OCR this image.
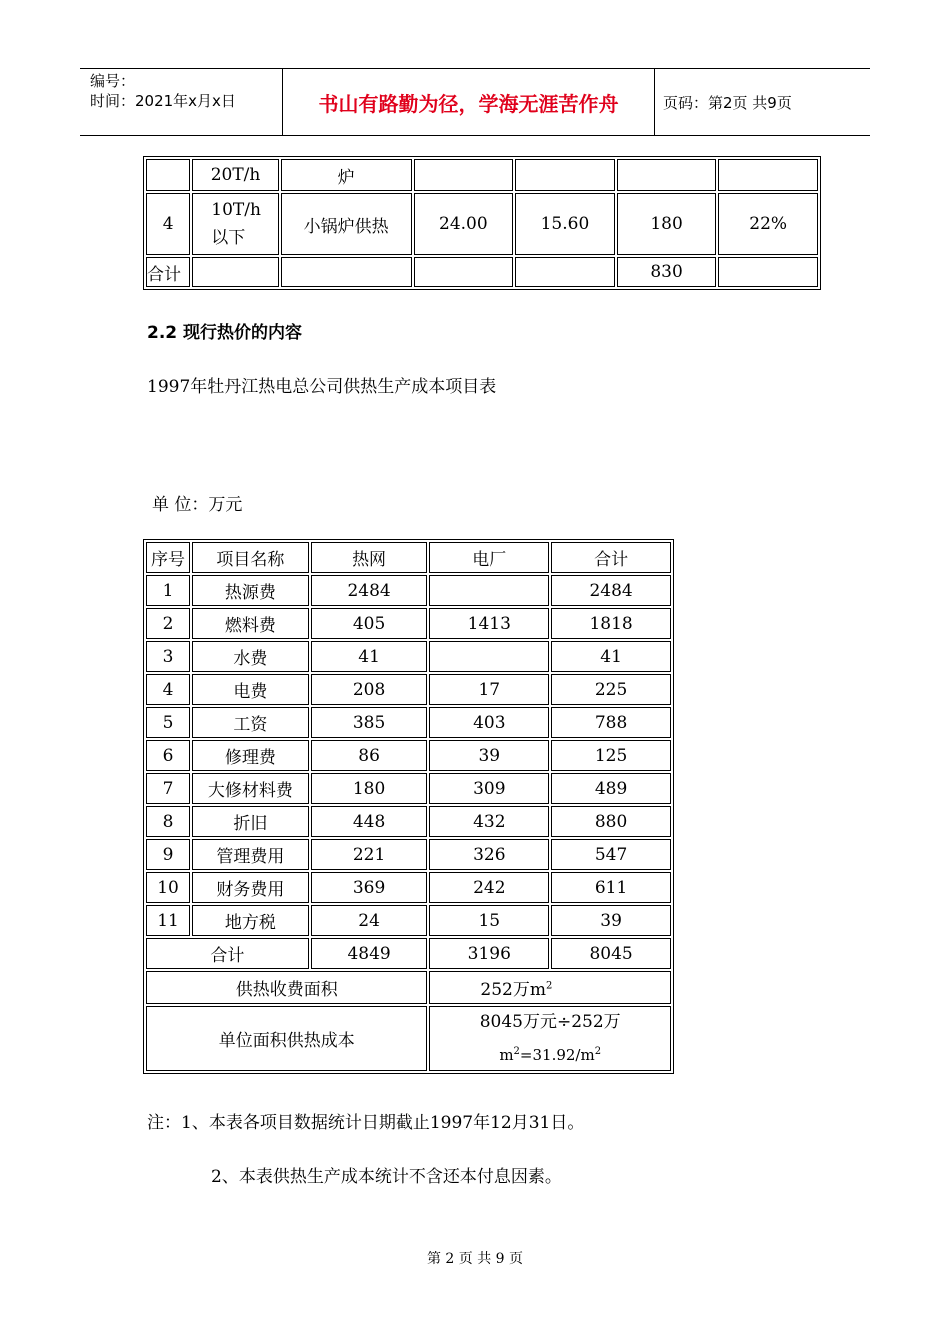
编号：
时间：2021年x月x日	书山有路勤为径，学海无涯苦作舟	页码：第2页 共9页
	20T/h	炉				
4	10T/h 以下	小锅炉供热	24.00	15.60	180	22%
合计					830	
2.2 现行热价的内容
1997年牡丹江热电总公司供热生产成本项目表
单 位：万元
序号	项目名称	热网	电厂	合计
1	热源费	2484		2484
2	燃料费	405	1413	1818
3	水费	41		41
4	电费	208	17	225
5	工资	385	403	788
6	修理费	86	39	125
7	大修材料费	180	309	489
8	折旧	448	432	880
9	管理费用	221	326	547
10	财务费用	369	242	611
11	地方税	24	15	39
合计		4849	3196	8045
供热收费面积			252万$m^2$
单位面积供热成本			8045万元÷252万
$m^2=31.92/m^2$
注：1、本表各项目数据统计日期截止1997年12月31日。
2、本表供热生产成本统计不含还本付息因素。
第 2 页 共 9 页
